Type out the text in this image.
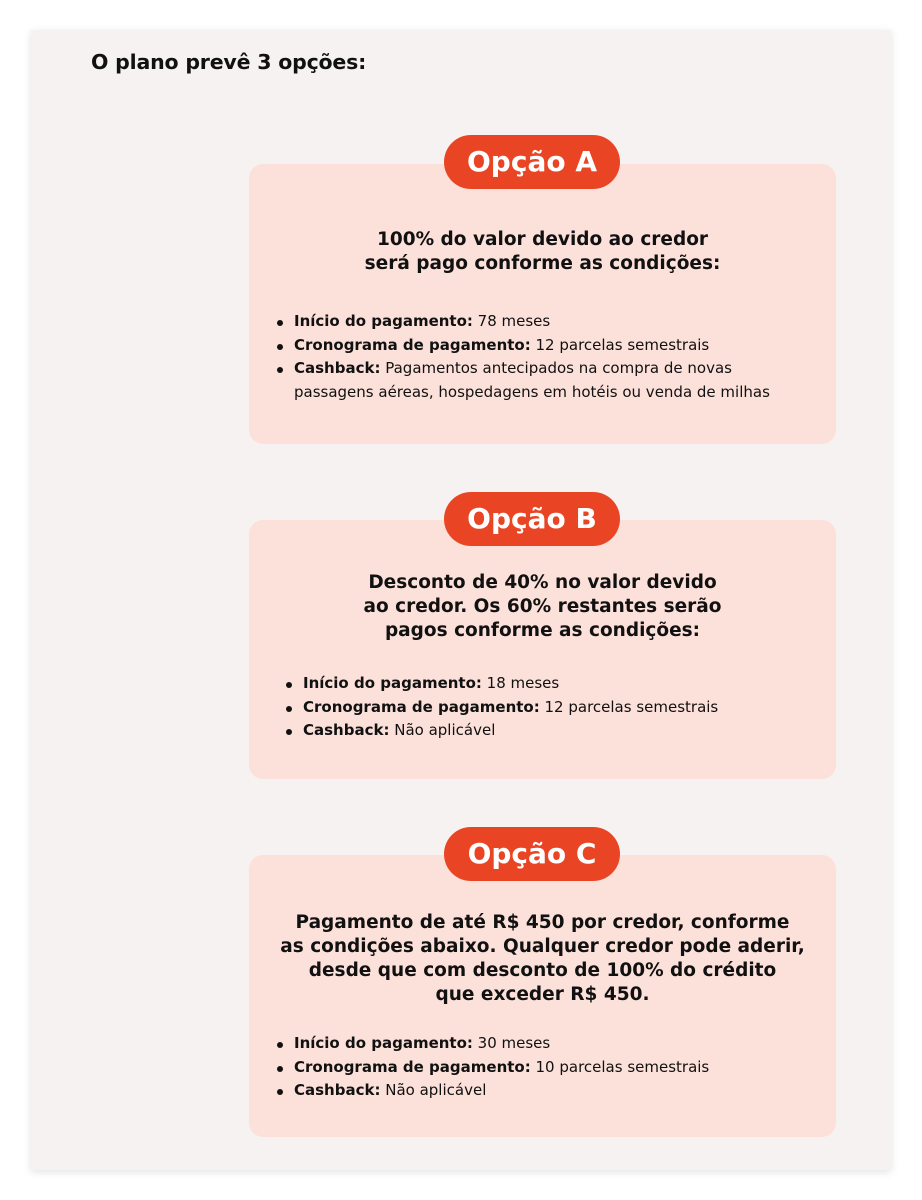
O plano prevê 3 opções:

100% do valor devido ao credor
será pago conforme as condições:

Início do pagamento: 78 meses
Cronograma de pagamento: 12 parcelas semestrais
Cashback: Pagamentos antecipados na compra de novas passagens aéreas, hospedagens em hotéis ou venda de milhas
Opção A

Desconto de 40% no valor devido
ao credor. Os 60% restantes serão
pagos conforme as condições:

Início do pagamento: 18 meses
Cronograma de pagamento: 12 parcelas semestrais
Cashback: Não aplicável
Opção B

Pagamento de até R$ 450 por credor, conforme
as condições abaixo. Qualquer credor pode aderir,
desde que com desconto de 100% do crédito
que exceder R$ 450.

Início do pagamento: 30 meses
Cronograma de pagamento: 10 parcelas semestrais
Cashback: Não aplicável
Opção C
